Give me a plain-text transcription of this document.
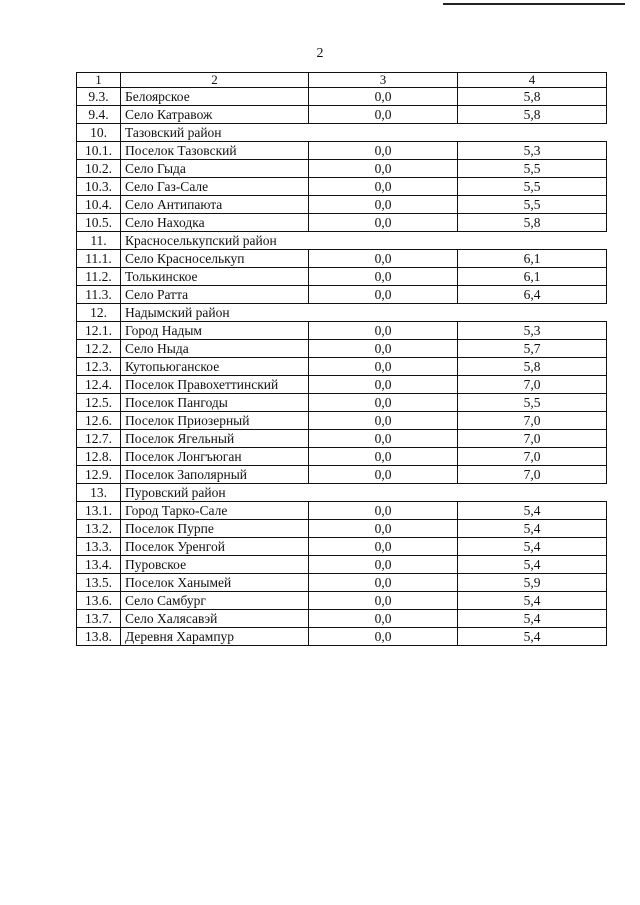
2
1	2	3	4
9.3.	Белоярское	0,0	5,8
9.4.	Село Катравож	0,0	5,8
10.	Тазовский район		
10.1.	Поселок Тазовский	0,0	5,3
10.2.	Село Гыда	0,0	5,5
10.3.	Село Газ-Сале	0,0	5,5
10.4.	Село Антипаюта	0,0	5,5
10.5.	Село Находка	0,0	5,8
11.	Красноселькупский район		
11.1.	Село Красноселькуп	0,0	6,1
11.2.	Толькинское	0,0	6,1
11.3.	Село Ратта	0,0	6,4
12.	Надымский район		
12.1.	Город Надым	0,0	5,3
12.2.	Село Ныда	0,0	5,7
12.3.	Кутопьюганское	0,0	5,8
12.4.	Поселок Правохеттинский	0,0	7,0
12.5.	Поселок Пангоды	0,0	5,5
12.6.	Поселок Приозерный	0,0	7,0
12.7.	Поселок Ягельный	0,0	7,0
12.8.	Поселок Лонгъюган	0,0	7,0
12.9.	Поселок Заполярный	0,0	7,0
13.	Пуровский район		
13.1.	Город Тарко-Сале	0,0	5,4
13.2.	Поселок Пурпе	0,0	5,4
13.3.	Поселок Уренгой	0,0	5,4
13.4.	Пуровское	0,0	5,4
13.5.	Поселок Ханымей	0,0	5,9
13.6.	Село Самбург	0,0	5,4
13.7.	Село Халясавэй	0,0	5,4
13.8.	Деревня Харампур	0,0	5,4
